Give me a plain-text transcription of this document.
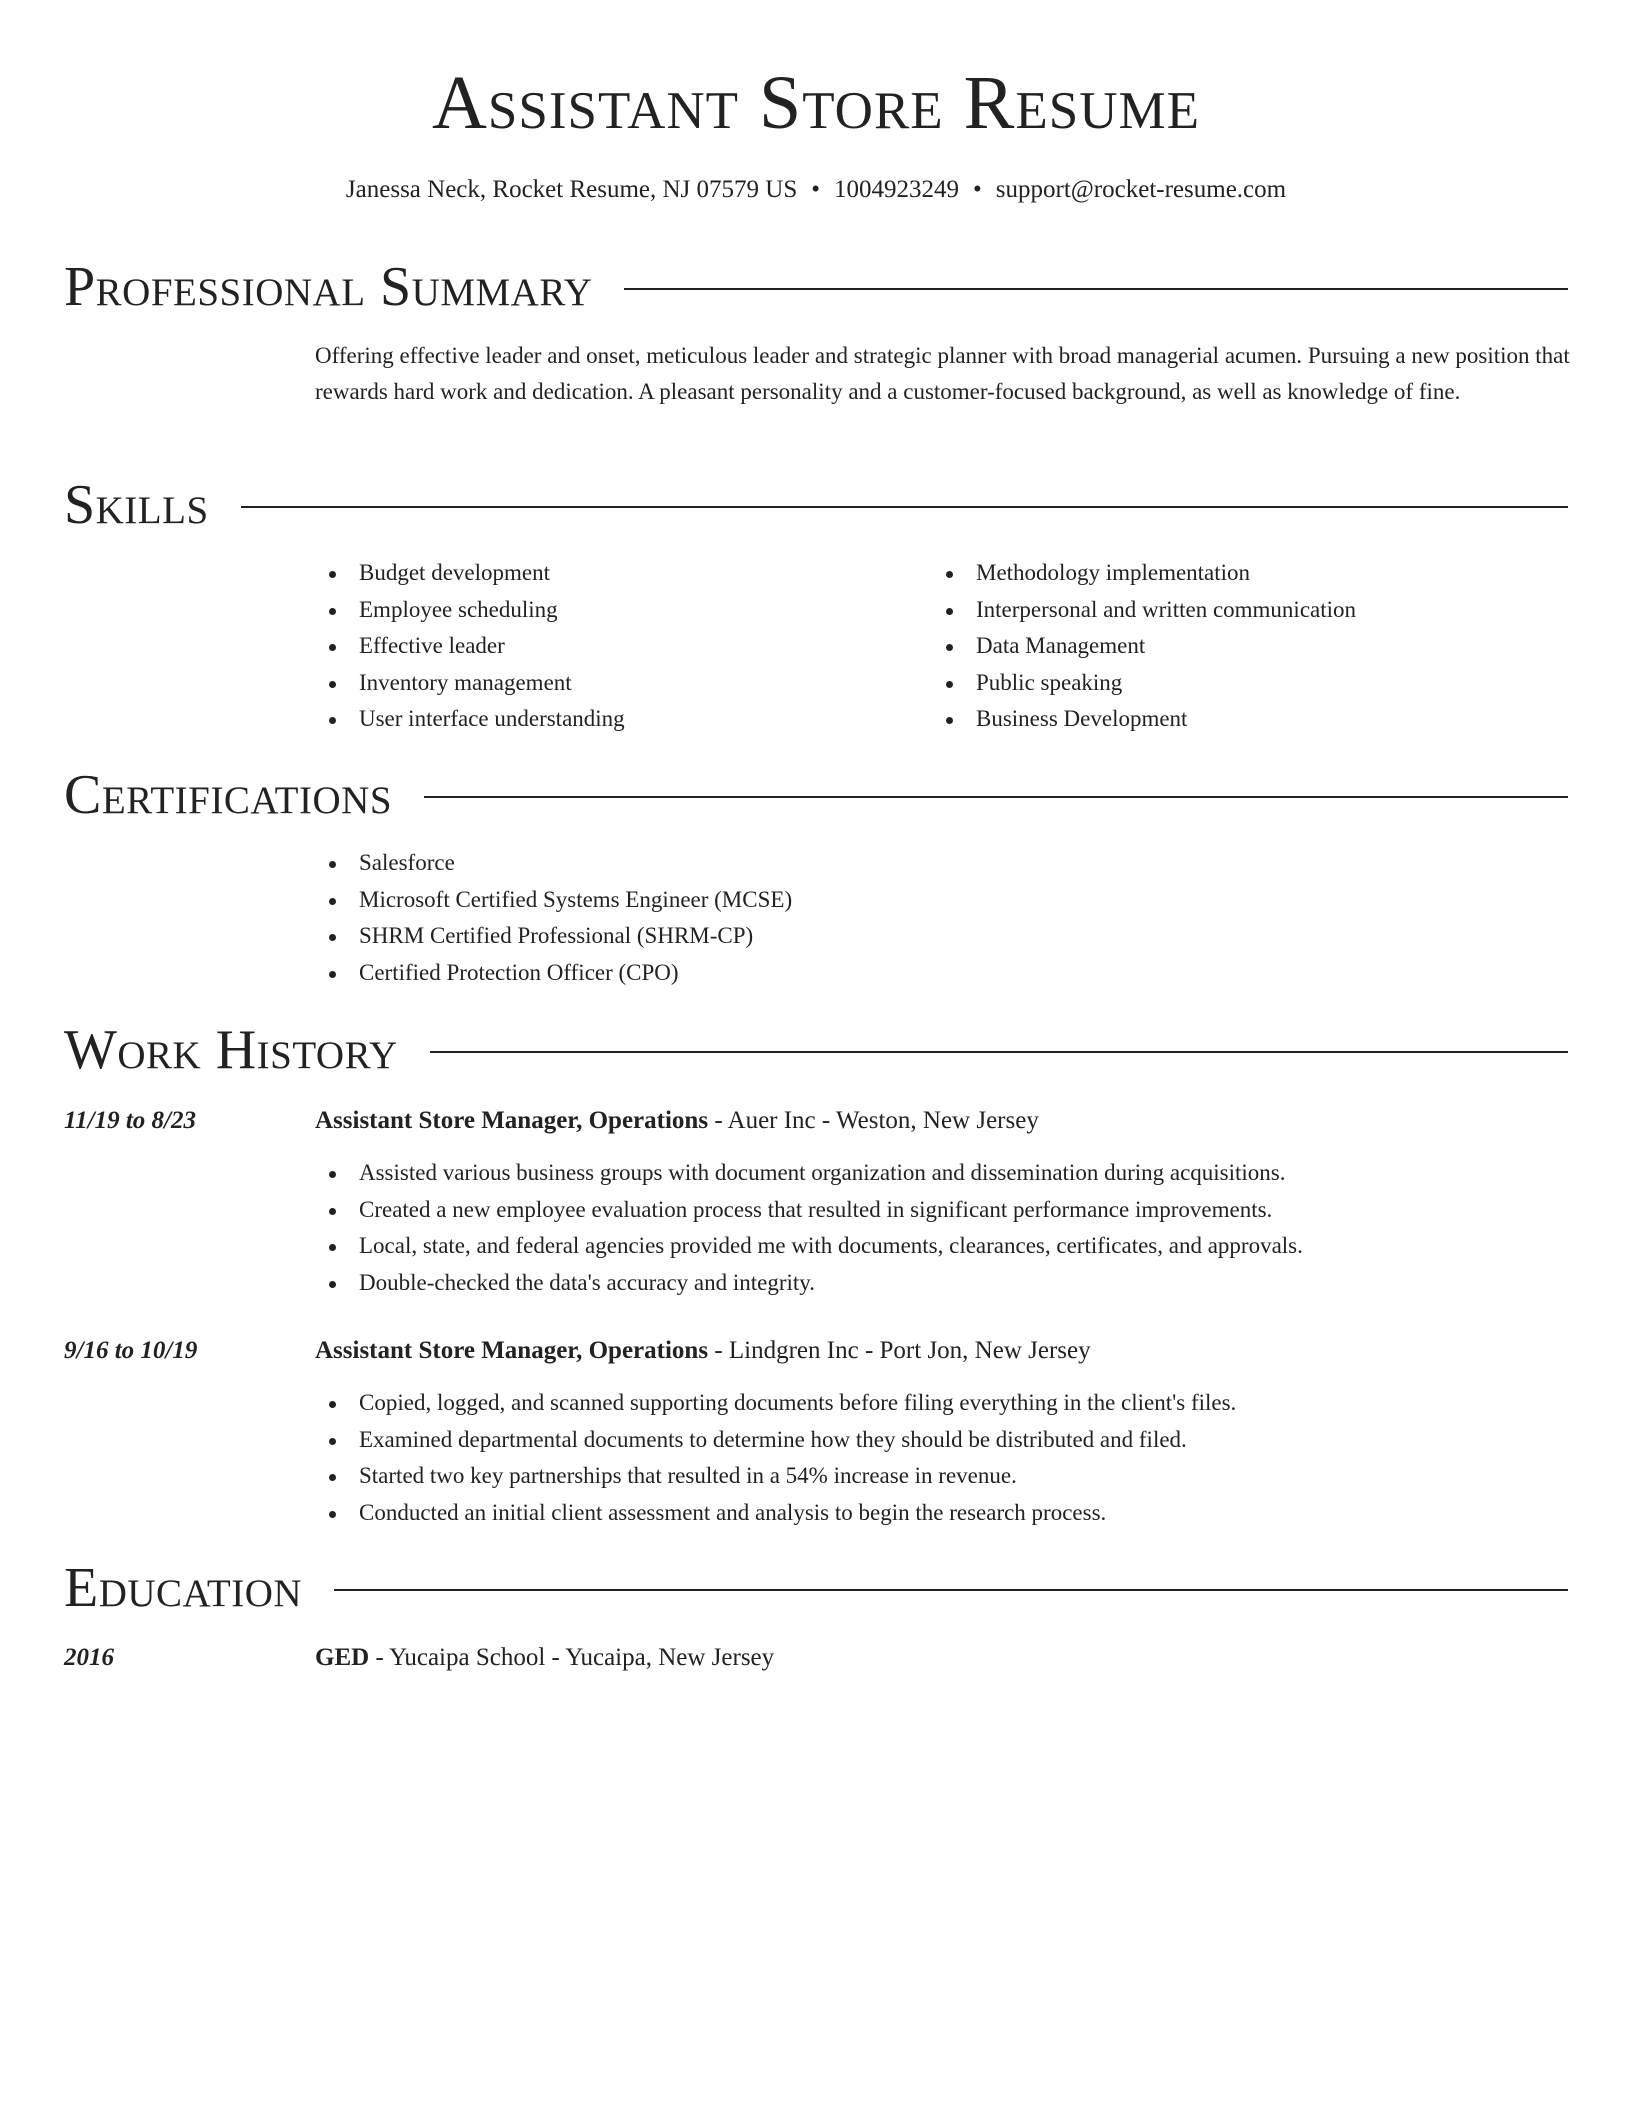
Assistant Store Resume
Janessa Neck, Rocket Resume, NJ 07579 US • 1004923249 • support@rocket-resume.com
Professional Summary

Offering effective leader and onset, meticulous leader and strategic planner with broad managerial acumen. Pursuing a new position that rewards hard work and dedication. A pleasant personality and a customer-focused background, as well as knowledge of fine.

Skills
Budget development
Employee scheduling
Effective leader
Inventory management
User interface understanding
Methodology implementation
Interpersonal and written communication
Data Management
Public speaking
Business Development
Certifications
Salesforce
Microsoft Certified Systems Engineer (MCSE)
SHRM Certified Professional (SHRM-CP)
Certified Protection Officer (CPO)
Work History
11/19 to 8/23	Assistant Store Manager, Operations - Auer Inc - Weston, New Jersey
Assisted various business groups with document organization and dissemination during acquisitions.
Created a new employee evaluation process that resulted in significant performance improvements.
Local, state, and federal agencies provided me with documents, clearances, certificates, and approvals.
Double-checked the data's accuracy and integrity.
9/16 to 10/19	Assistant Store Manager, Operations - Lindgren Inc - Port Jon, New Jersey
Copied, logged, and scanned supporting documents before filing everything in the client's files.
Examined departmental documents to determine how they should be distributed and filed.
Started two key partnerships that resulted in a 54% increase in revenue.
Conducted an initial client assessment and analysis to begin the research process.
Education
2016	GED - Yucaipa School - Yucaipa, New Jersey
